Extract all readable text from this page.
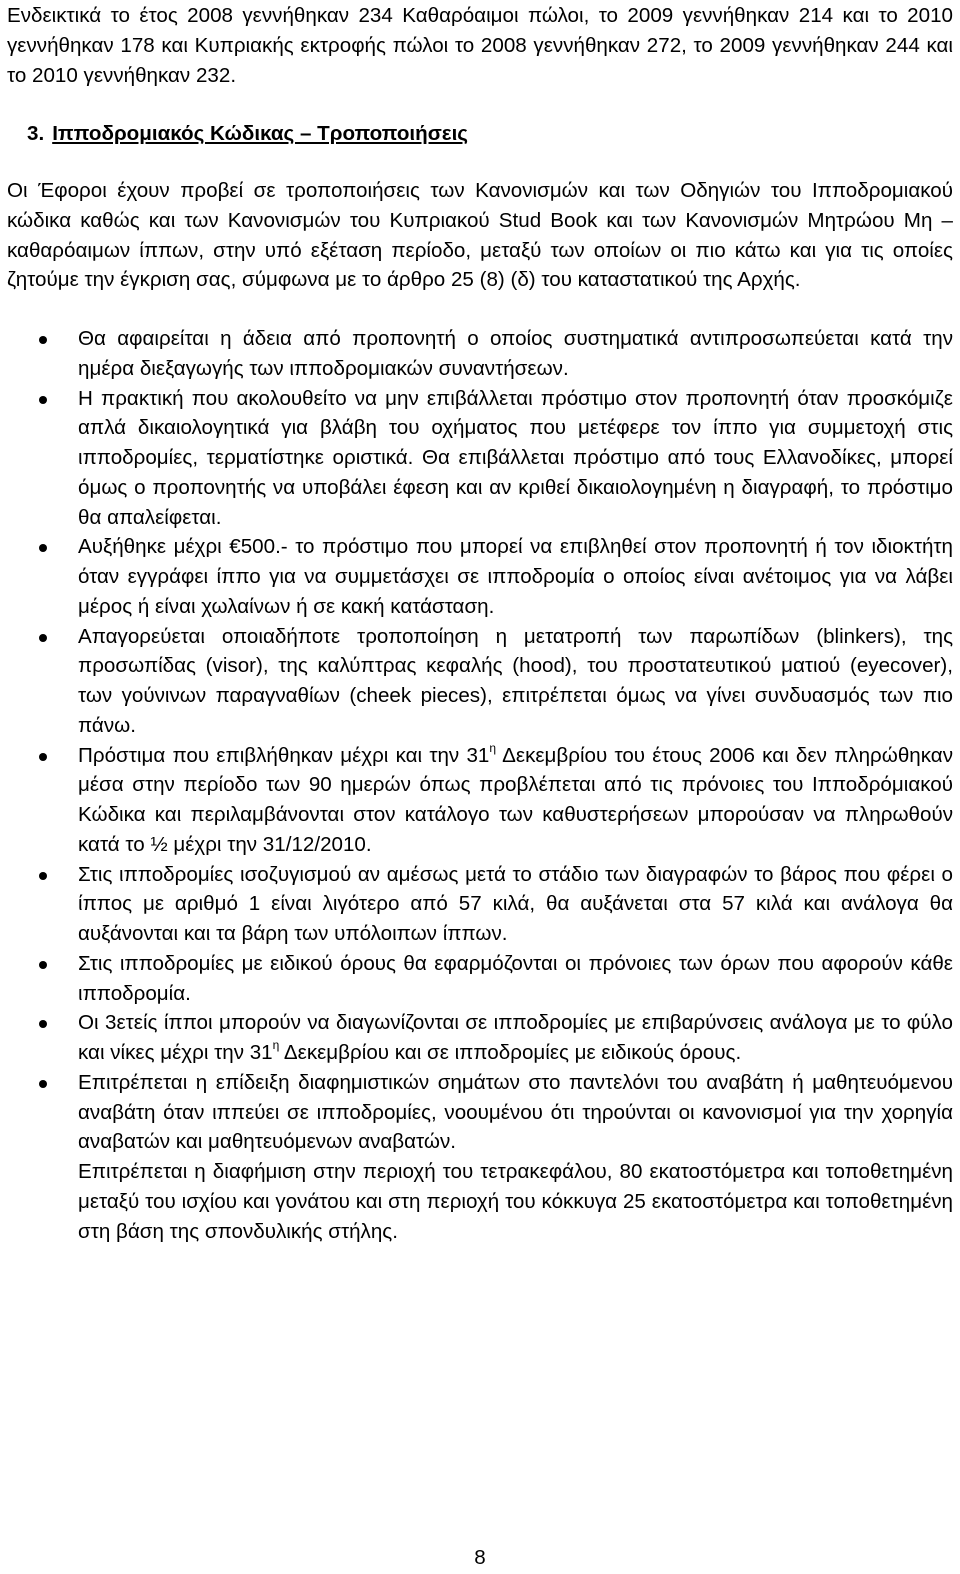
Ενδεικτικά το έτος 2008 γεννήθηκαν 234 Καθαρόαιμοι πώλοι, το 2009 γεννήθηκαν 214 και το 2010 γεννήθηκαν 178 και Κυπριακής εκτροφής πώλοι το 2008 γεννήθηκαν 272, το 2009 γεννήθηκαν 244 και το 2010 γεννήθηκαν 232.

3. Ιπποδρομιακός Κώδικας – Τροποποιήσεις

Οι Έφοροι έχουν προβεί σε τροποποιήσεις των Κανονισμών και των Οδηγιών του Ιπποδρομιακού κώδικα καθώς και των Κανονισμών του Κυπριακού Stud Book και των Κανονισμών Μητρώου Μη – καθαρόαιμων ίππων, στην υπό εξέταση περίοδο, μεταξύ των οποίων οι πιο κάτω και για τις οποίες ζητούμε την έγκριση σας, σύμφωνα με το άρθρο 25 (8) (δ) του καταστατικού της Αρχής.

Θα αφαιρείται η άδεια από προπονητή ο οποίος συστηματικά αντιπροσωπεύεται κατά την ημέρα διεξαγωγής των ιπποδρομιακών συναντήσεων.
Η πρακτική που ακολουθείτο να μην επιβάλλεται πρόστιμο στον προπονητή όταν προσκόμιζε απλά δικαιολογητικά για βλάβη του οχήματος που μετέφερε τον ίππο για συμμετοχή στις ιπποδρομίες, τερματίστηκε οριστικά. Θα επιβάλλεται πρόστιμο από τους Ελλανοδίκες, μπορεί όμως ο προπονητής να υποβάλει έφεση και αν κριθεί δικαιολογημένη η διαγραφή, το πρόστιμο θα απαλείφεται.
Αυξήθηκε μέχρι €500.- το πρόστιμο που μπορεί να επιβληθεί στον προπονητή ή τον ιδιοκτήτη όταν εγγράφει ίππο για να συμμετάσχει σε ιπποδρομία ο οποίος είναι ανέτοιμος για να λάβει μέρος ή είναι χωλαίνων ή σε κακή κατάσταση.
Απαγορεύεται οποιαδήποτε τροποποίηση η μετατροπή των παρωπίδων (blinkers), της προσωπίδας (visor), της καλύπτρας κεφαλής (hood), του προστατευτικού ματιού (eyecover), των γούνινων παραγναθίων (cheek pieces), επιτρέπεται όμως να γίνει συνδυασμός των πιο πάνω.
Πρόστιμα που επιβλήθηκαν μέχρι και την $31^\eta$ Δεκεμβρίου του έτους 2006 και δεν πληρώθηκαν μέσα στην περίοδο των 90 ημερών όπως προβλέπεται από τις πρόνοιες του Ιπποδρόμιακού Κώδικα και περιλαμβάνονται στον κατάλογο των καθυστερήσεων μπορούσαν να πληρωθούν κατά το ½ μέχρι την 31/12/2010.
Στις ιπποδρομίες ισοζυγισμού αν αμέσως μετά το στάδιο των διαγραφών το βάρος που φέρει ο ίππος με αριθμό 1 είναι λιγότερο από 57 κιλά, θα αυξάνεται στα 57 κιλά και ανάλογα θα αυξάνονται και τα βάρη των υπόλοιπων ίππων.
Στις ιπποδρομίες με ειδικού όρους θα εφαρμόζονται οι πρόνοιες των όρων που αφορούν κάθε ιπποδρομία.
Οι 3ετείς ίπποι μπορούν να διαγωνίζονται σε ιπποδρομίες με επιβαρύνσεις ανάλογα με το φύλο και νίκες μέχρι την $31^\eta$ Δεκεμβρίου και σε ιπποδρομίες με ειδικούς όρους.
Επιτρέπεται η επίδειξη διαφημιστικών σημάτων στο παντελόνι του αναβάτη ή μαθητευόμενου αναβάτη όταν ιππεύει σε ιπποδρομίες, νοουμένου ότι τηρούνται οι κανονισμοί για την χορηγία αναβατών και μαθητευόμενων αναβατών.

Επιτρέπεται η διαφήμιση στην περιοχή του τετρακεφάλου, 80 εκατοστόμετρα και τοποθετημένη μεταξύ του ισχίου και γονάτου και στη περιοχή του κόκκυγα 25 εκατοστόμετρα και τοποθετημένη στη βάση της σπονδυλικής στήλης.

8
